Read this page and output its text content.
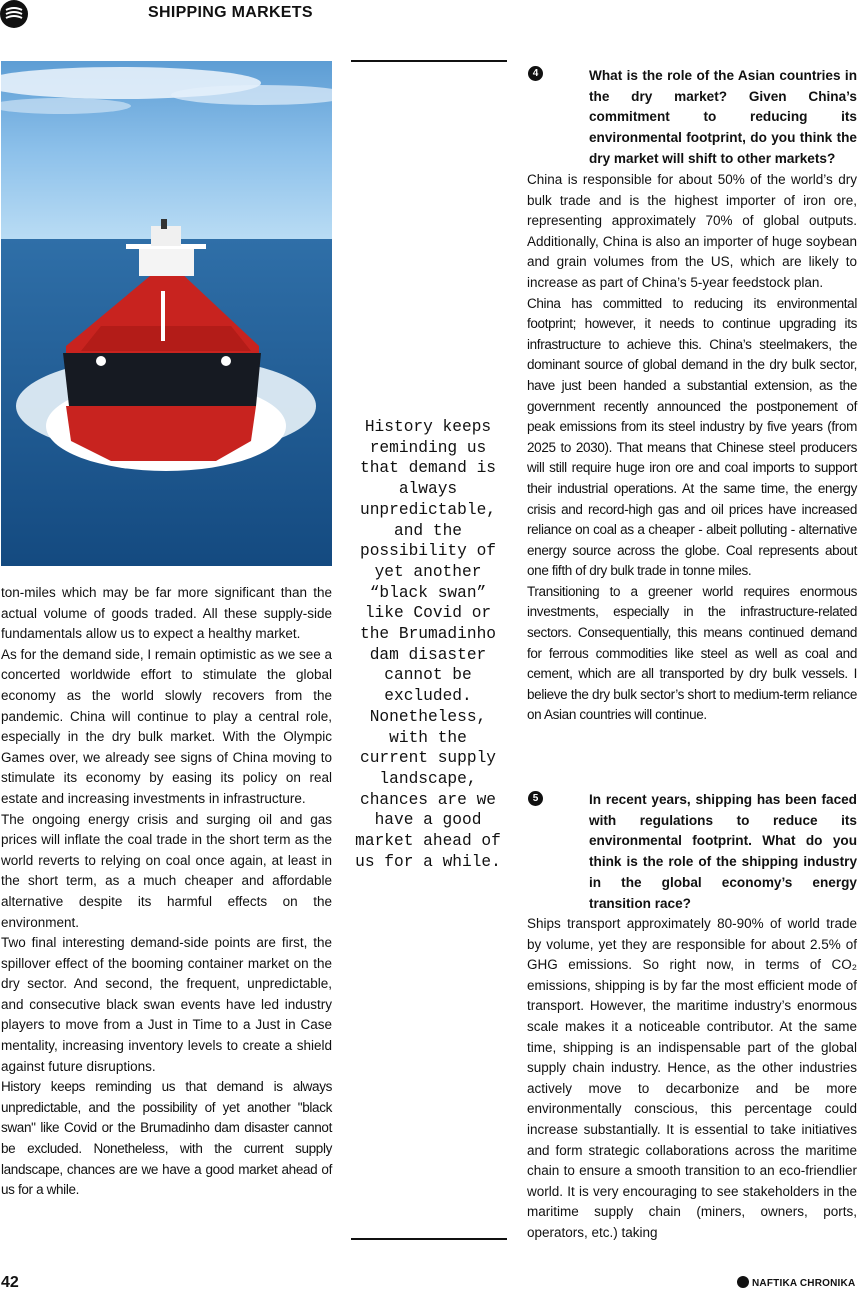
SHIPPING MARKETS

ton-miles which may be far more significant than the actual volume of goods traded. All these supply-side fundamentals allow us to expect a healthy market.

As for the demand side, I remain optimistic as we see a concerted worldwide effort to stimulate the global economy as the world slowly recovers from the pandemic. China will continue to play a central role, especially in the dry bulk market. With the Olympic Games over, we already see signs of China moving to stimulate its economy by easing its policy on real estate and increasing investments in infrastructure.

The ongoing energy crisis and surging oil and gas prices will inflate the coal trade in the short term as the world reverts to relying on coal once again, at least in the short term, as a much cheaper and affordable alternative despite its harmful effects on the environment.

Two final interesting demand-side points are first, the spillover effect of the booming container market on the dry sector. And second, the frequent, unpredictable, and consecutive black swan events have led industry players to move from a Just in Time to a Just in Case mentality, increasing inventory levels to create a shield against future disruptions.

History keeps reminding us that demand is always unpredictable, and the possibility of yet another "black swan" like Covid or the Brumadinho dam disaster cannot be excluded. Nonetheless, with the current supply landscape, chances are we have a good market ahead of us for a while.

History keeps reminding us that demand is always unpredictable, and the possibility of yet another “black swan” like Covid or the Brumadinho dam disaster cannot be excluded. Nonetheless, with the current supply landscape, chances are we have a good market ahead of us for a while.
4	What is the role of the Asian countries in the dry market? Given China’s commitment to reducing its environmental footprint, do you think the dry market will shift to other markets?

China is responsible for about 50% of the world’s dry bulk trade and is the highest importer of iron ore, representing approximately 70% of global outputs. Additionally, China is also an importer of huge soybean and grain volumes from the US, which are likely to increase as part of China’s 5-year feedstock plan.

China has committed to reducing its environmental footprint; however, it needs to continue upgrading its infrastructure to achieve this. China’s steelmakers, the dominant source of global demand in the dry bulk sector, have just been handed a substantial extension, as the government recently announced the postponement of peak emissions from its steel industry by five years (from 2025 to 2030). That means that Chinese steel producers will still require huge iron ore and coal imports to support their industrial operations. At the same time, the energy crisis and record-high gas and oil prices have increased reliance on coal as a cheaper - albeit polluting - alternative energy source across the globe. Coal represents about one fifth of dry bulk trade in tonne miles.

Transitioning to a greener world requires enormous investments, especially in the infrastructure-related sectors. Consequentially, this means continued demand for ferrous commodities like steel as well as coal and cement, which are all transported by dry bulk vessels. I believe the dry bulk sector’s short to medium-term reliance on Asian countries will continue.

5	In recent years, shipping has been faced with regulations to reduce its environmental footprint. What do you think is the role of the shipping industry in the global economy’s energy transition race?

Ships transport approximately 80-90% of world trade by volume, yet they are responsible for about 2.5% of GHG emissions. So right now, in terms of CO₂ emissions, shipping is by far the most efficient mode of transport. However, the maritime industry’s enormous scale makes it a noticeable contributor. At the same time, shipping is an indispensable part of the global supply chain industry. Hence, as the other industries actively move to decarbonize and be more environmentally conscious, this percentage could increase substantially. It is essential to take initiatives and form strategic collaborations across the maritime chain to ensure a smooth transition to an eco-friendlier world. It is very encouraging to see stakeholders in the maritime supply chain (miners, owners, ports, operators, etc.) taking

42	NAFTIKA CHRONIKA
